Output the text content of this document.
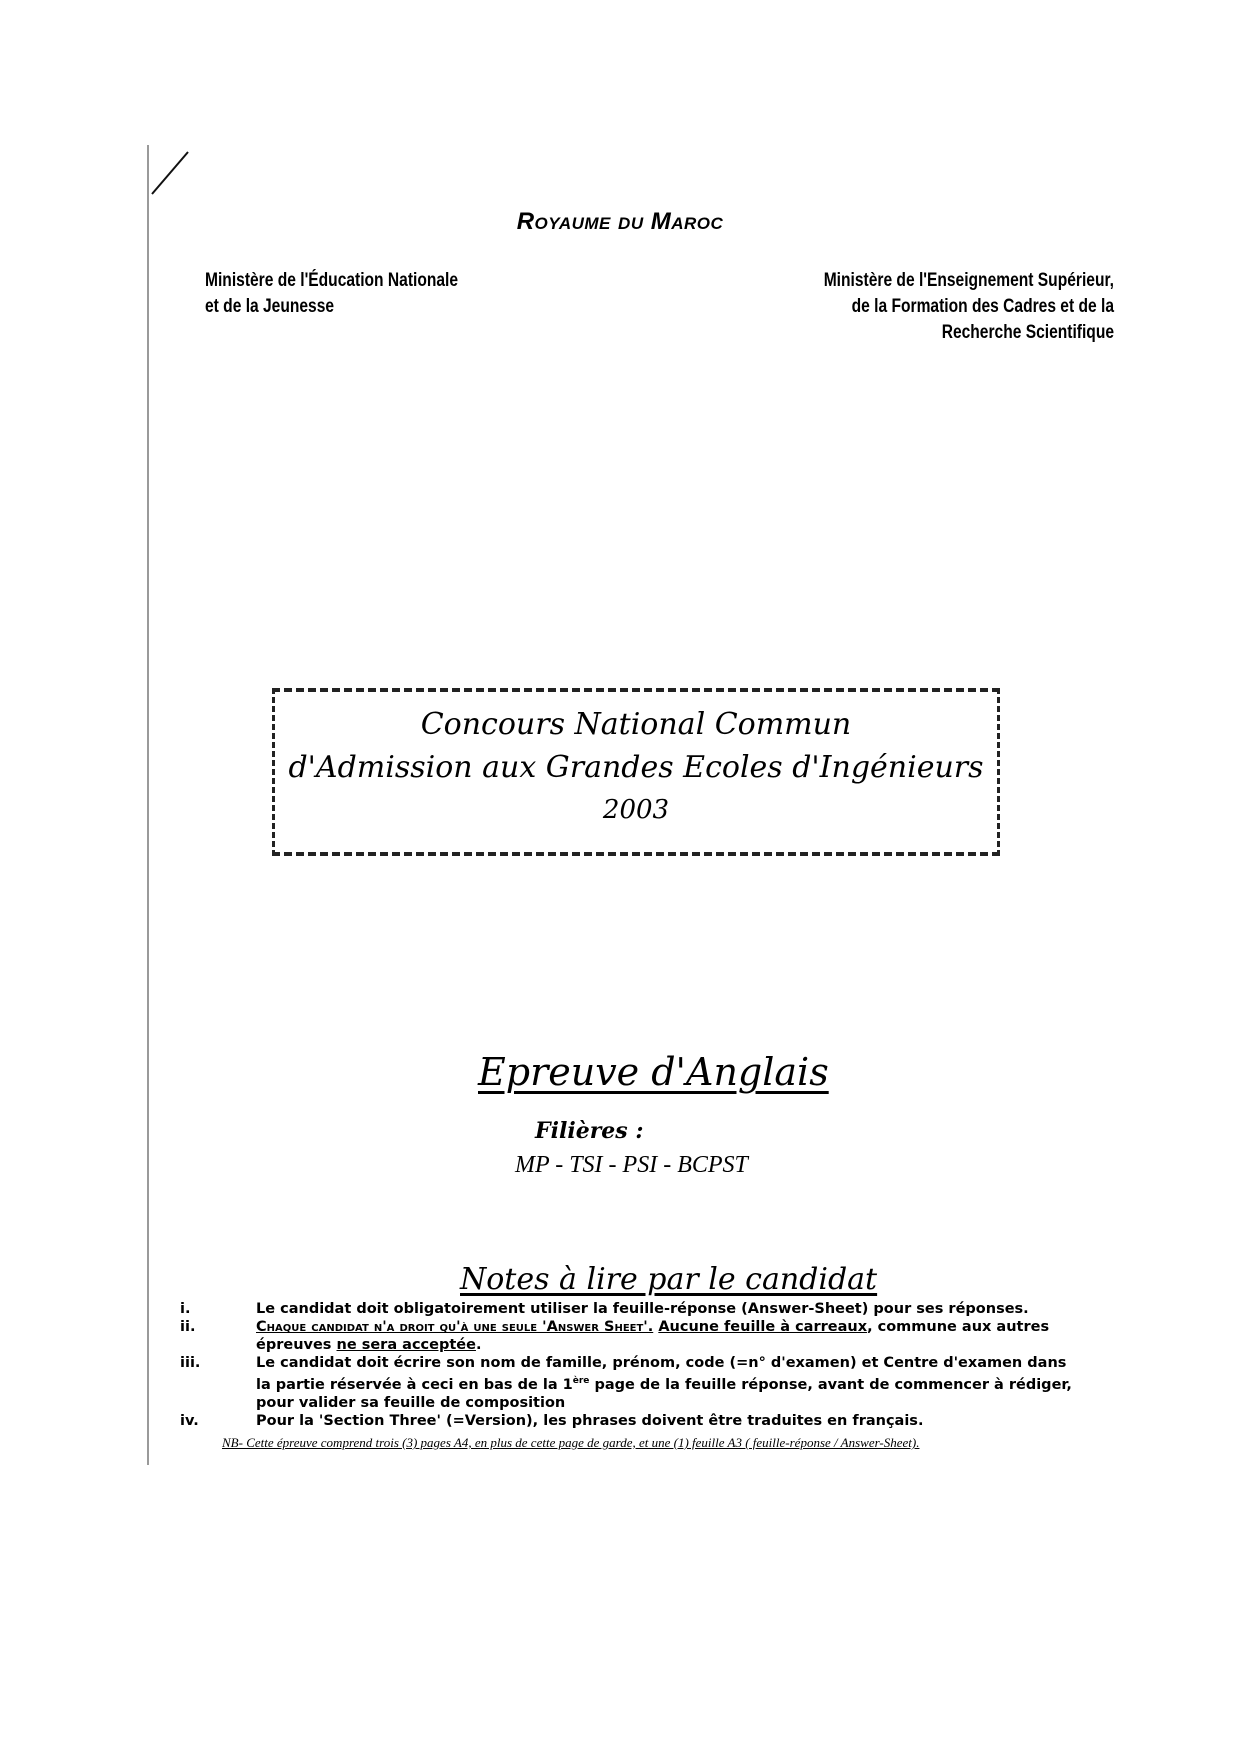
Royaume du Maroc
Ministère de l'Éducation Nationale
et de la Jeunesse
Ministère de l'Enseignement Supérieur,
de la Formation des Cadres et de la
Recherche Scientifique
Concours National Commun
d'Admission aux Grandes Ecoles d'Ingénieurs
2003
Epreuve d'Anglais
Filières :
MP - TSI - PSI - BCPST
Notes à lire par le candidat
i.	Le candidat doit obligatoirement utiliser la feuille-réponse (Answer-Sheet) pour ses réponses.
ii.	Chaque candidat n'a droit qu'à une seule 'Answer Sheet'. Aucune feuille à carreaux, commune aux autres épreuves ne sera acceptée.
iii.	Le candidat doit écrire son nom de famille, prénom, code (=n° d'examen) et Centre d'examen dans la partie réservée à ceci en bas de la 1ère page de la feuille réponse, avant de commencer à rédiger, pour valider sa feuille de composition
iv.	Pour la 'Section Three' (=Version), les phrases doivent être traduites en français.
NB- Cette épreuve comprend trois (3) pages A4, en plus de cette page de garde, et une (1) feuille A3 ( feuille-réponse / Answer-Sheet).
